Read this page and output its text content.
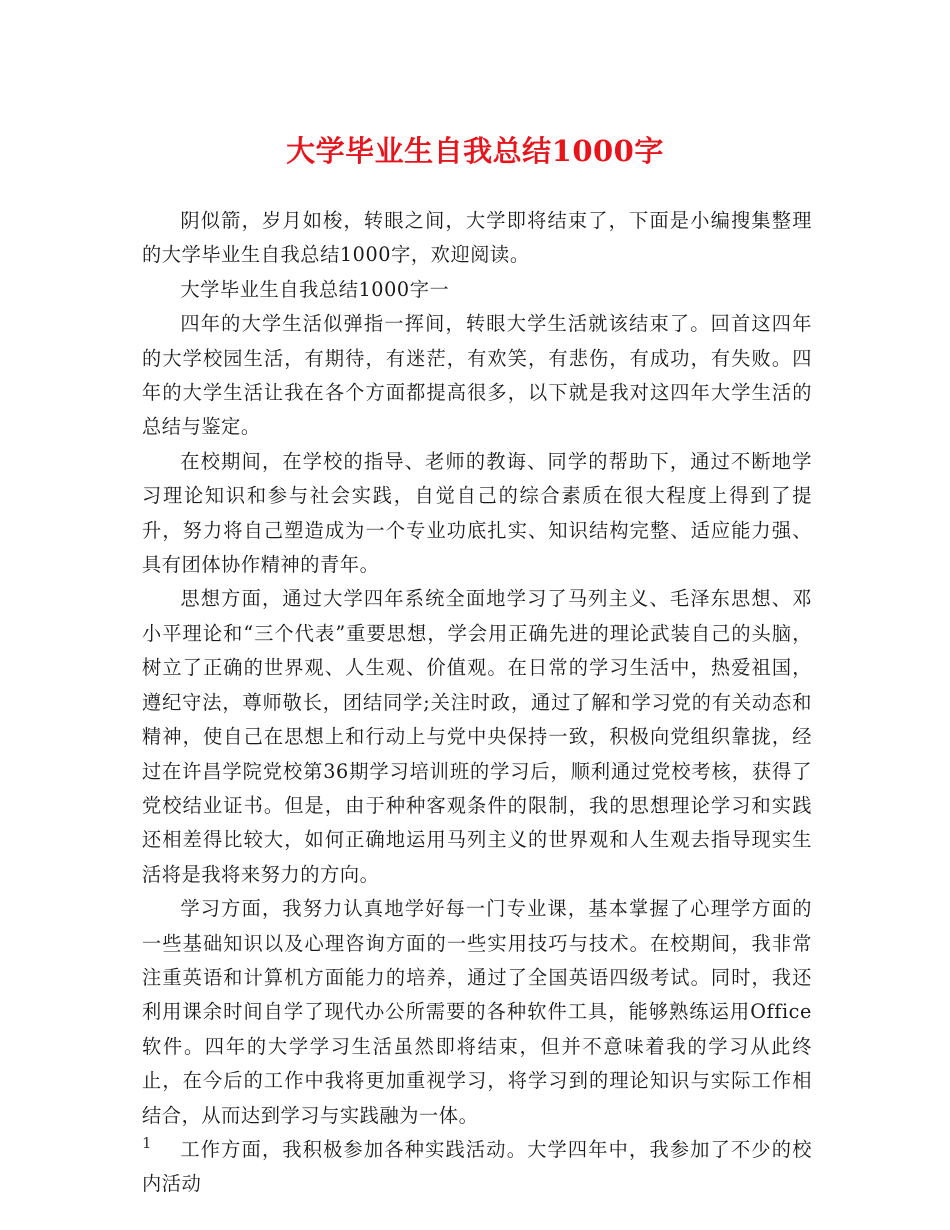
大学毕业生自我总结1000字

阴似箭，岁月如梭，转眼之间，大学即将结束了，下面是小编搜集整理的大学毕业生自我总结1000字，欢迎阅读。

大学毕业生自我总结1000字一

四年的大学生活似弹指一挥间，转眼大学生活就该结束了。回首这四年的大学校园生活，有期待，有迷茫，有欢笑，有悲伤，有成功，有失败。四年的大学生活让我在各个方面都提高很多，以下就是我对这四年大学生活的总结与鉴定。

在校期间，在学校的指导、老师的教诲、同学的帮助下，通过不断地学习理论知识和参与社会实践，自觉自己的综合素质在很大程度上得到了提升，努力将自己塑造成为一个专业功底扎实、知识结构完整、适应能力强、具有团体协作精神的青年。

思想方面，通过大学四年系统全面地学习了马列主义、毛泽东思想、邓小平理论和“三个代表”重要思想，学会用正确先进的理论武装自己的头脑，树立了正确的世界观、人生观、价值观。在日常的学习生活中，热爱祖国，遵纪守法，尊师敬长，团结同学;关注时政，通过了解和学习党的有关动态和精神，使自己在思想上和行动上与党中央保持一致，积极向党组织靠拢，经过在许昌学院党校第36期学习培训班的学习后，顺利通过党校考核，获得了党校结业证书。但是，由于种种客观条件的限制，我的思想理论学习和实践还相差得比较大，如何正确地运用马列主义的世界观和人生观去指导现实生活将是我将来努力的方向。

学习方面，我努力认真地学好每一门专业课，基本掌握了心理学方面的一些基础知识以及心理咨询方面的一些实用技巧与技术。在校期间，我非常注重英语和计算机方面能力的培养，通过了全国英语四级考试。同时，我还利用课余时间自学了现代办公所需要的各种软件工具，能够熟练运用Office软件。四年的大学学习生活虽然即将结束，但并不意味着我的学习从此终止，在今后的工作中我将更加重视学习，将学习到的理论知识与实际工作相结合，从而达到学习与实践融为一体。

工作方面，我积极参加各种实践活动。大学四年中，我参加了不少的校内活动

1
